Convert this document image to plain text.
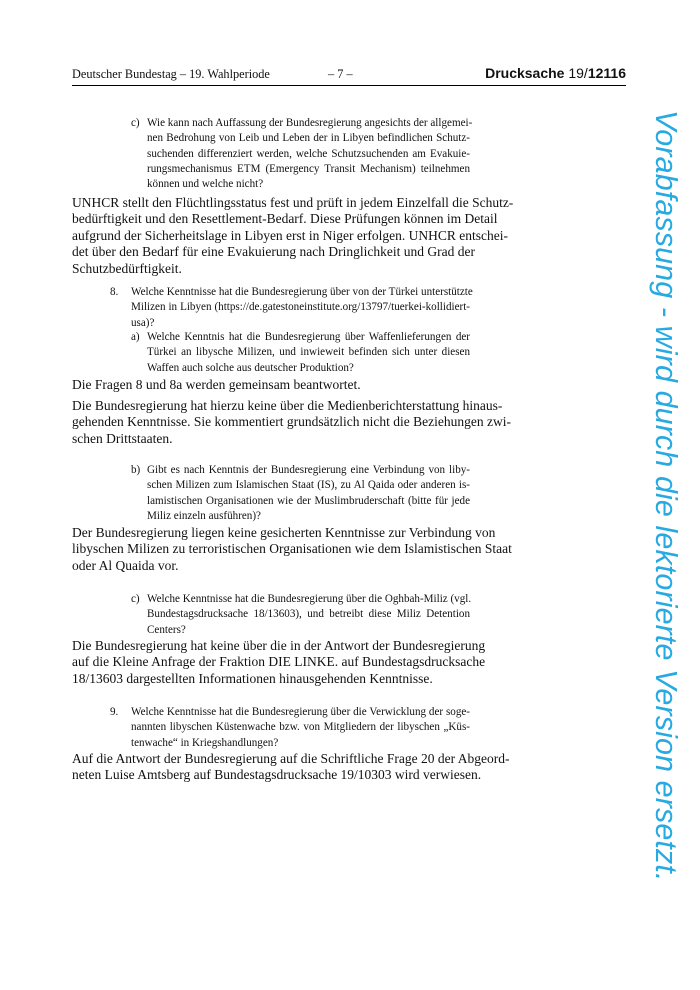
Deutscher Bundestag – 19. Wahlperiode	– 7 –	Drucksache 19/12116
c) Wie kann nach Auffassung der Bundesregierung angesichts der allgemei-
nen Bedrohung von Leib und Leben der in Libyen befindlichen Schutz-
suchenden differenziert werden, welche Schutzsuchenden am Evakuie-
rungsmechanismus ETM (Emergency Transit Mechanism) teilnehmen
können und welche nicht?
UNHCR stellt den Flüchtlingsstatus fest und prüft in jedem Einzelfall die Schutz-
bedürftigkeit und den Resettlement-Bedarf. Diese Prüfungen können im Detail
aufgrund der Sicherheitslage in Libyen erst in Niger erfolgen. UNHCR entschei-
det über den Bedarf für eine Evakuierung nach Dringlichkeit und Grad der
Schutzbedürftigkeit.
8. Welche Kenntnisse hat die Bundesregierung über von der Türkei unterstützte
Milizen in Libyen (https://de.gatestoneinstitute.org/13797/tuerkei-kollidiert-
usa)?
a) Welche Kenntnis hat die Bundesregierung über Waffenlieferungen der
Türkei an libysche Milizen, und inwieweit befinden sich unter diesen
Waffen auch solche aus deutscher Produktion?
Die Fragen 8 und 8a werden gemeinsam beantwortet.
Die Bundesregierung hat hierzu keine über die Medienberichterstattung hinaus-
gehenden Kenntnisse. Sie kommentiert grundsätzlich nicht die Beziehungen zwi-
schen Drittstaaten.
b) Gibt es nach Kenntnis der Bundesregierung eine Verbindung von liby-
schen Milizen zum Islamischen Staat (IS), zu Al Qaida oder anderen is-
lamistischen Organisationen wie der Muslimbruderschaft (bitte für jede
Miliz einzeln ausführen)?
Der Bundesregierung liegen keine gesicherten Kenntnisse zur Verbindung von
libyschen Milizen zu terroristischen Organisationen wie dem Islamistischen Staat
oder Al Quaida vor.
c) Welche Kenntnisse hat die Bundesregierung über die Oghbah-Miliz (vgl.
Bundestagsdrucksache 18/13603), und betreibt diese Miliz Detention
Centers?
Die Bundesregierung hat keine über die in der Antwort der Bundesregierung
auf die Kleine Anfrage der Fraktion DIE LINKE. auf Bundestagsdrucksache
18/13603 dargestellten Informationen hinausgehenden Kenntnisse.
9. Welche Kenntnisse hat die Bundesregierung über die Verwicklung der soge-
nannten libyschen Küstenwache bzw. von Mitgliedern der libyschen „Küs-
tenwache“ in Kriegshandlungen?
Auf die Antwort der Bundesregierung auf die Schriftliche Frage 20 der Abgeord-
neten Luise Amtsberg auf Bundestagsdrucksache 19/10303 wird verwiesen.	Vorabfassung - wird durch die lektorierte Version ersetzt.
